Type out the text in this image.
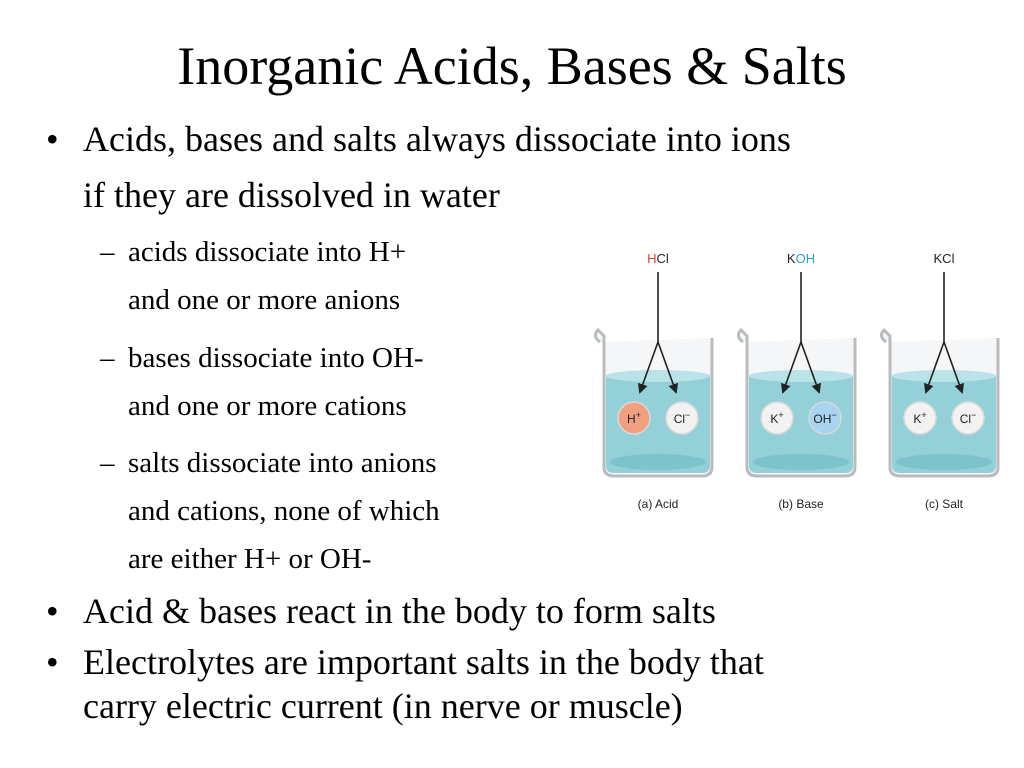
Inorganic Acids, Bases & Salts
• Acids, bases and salts always dissociate into ions
if they are dissolved in water
– acids dissociate into H+
and one or more anions
– bases dissociate into OH-
and one or more cations
– salts dissociate into anions
and cations, none of which
are either H+ or OH-
• Acid & bases react in the body to form salts
• Electrolytes are important salts in the body that
carry electric current (in nerve or muscle)
HCl
H+	Cl−
(a) Acid
KOH
K+ OH−
(b) Base
KCl
K+	Cl−
(c) Salt
